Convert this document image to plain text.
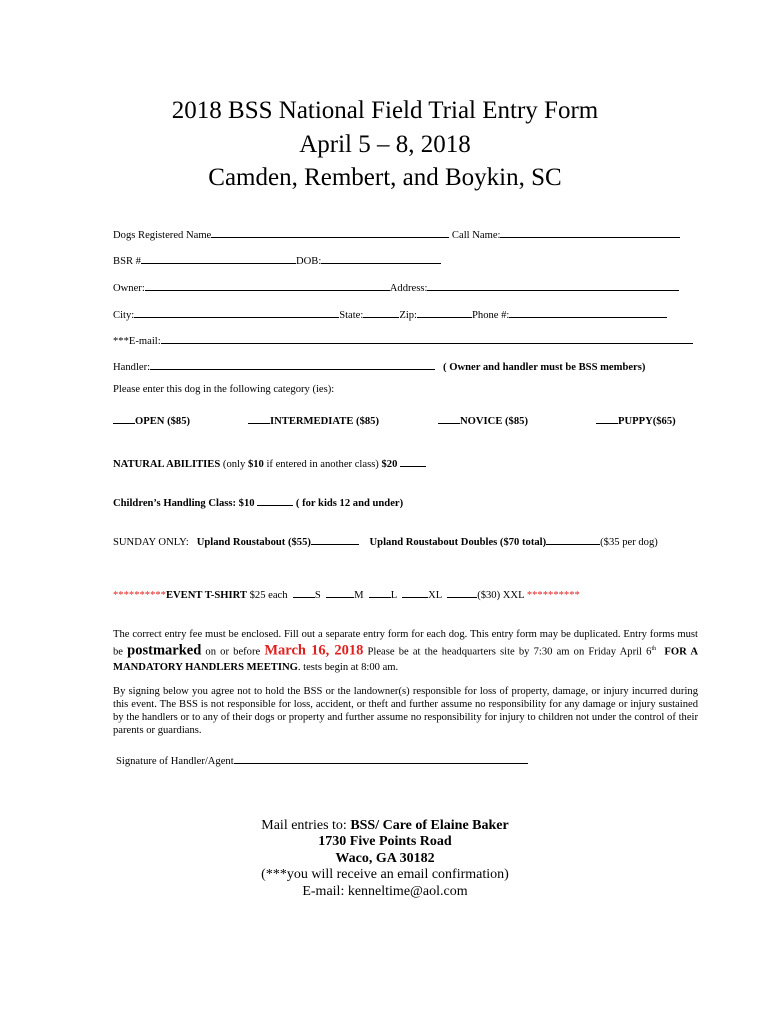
2018 BSS National Field Trial Entry Form
April 5 – 8, 2018
Camden, Rembert, and Boykin, SC
Dogs Registered Name	Call Name:
BSR #	DOB:
Owner:	Address:
City:	State:	Zip:	Phone #:
***E-mail:
Handler:	( Owner and handler must be BSS members)
Please enter this dog in the following category (ies):
OPEN ($85)	INTERMEDIATE ($85)	NOVICE ($85)	PUPPY($65)
NATURAL ABILITIES (only $10 if entered in another class) $20
Children’s Handling Class: $10	( for kids 12 and under)
SUNDAY ONLY: Upland Roustabout ($55)	Upland Roustabout Doubles ($70 total)	($35 per dog)
**********EVENT T-SHIRT $25 each	S	M	L	XL	($30) XXL **********
The correct entry fee must be enclosed. Fill out a separate entry form for each dog. This entry form may be duplicated. Entry forms must be postmarked on or before March 16, 2018 Please be at the headquarters site by 7:30 am on Friday April 6th FOR A MANDATORY HANDLERS MEETING. tests begin at 8:00 am.
By signing below you agree not to hold the BSS or the landowner(s) responsible for loss of property, damage, or injury incurred during this event. The BSS is not responsible for loss, accident, or theft and further assume no responsibility for any damage or injury sustained by the handlers or to any of their dogs or property and further assume no responsibility for injury to children not under the control of their parents or guardians.
Signature of Handler/Agent
Mail entries to: BSS/ Care of Elaine Baker
1730 Five Points Road
Waco, GA 30182
(***you will receive an email confirmation)
E-mail: kenneltime@aol.com
